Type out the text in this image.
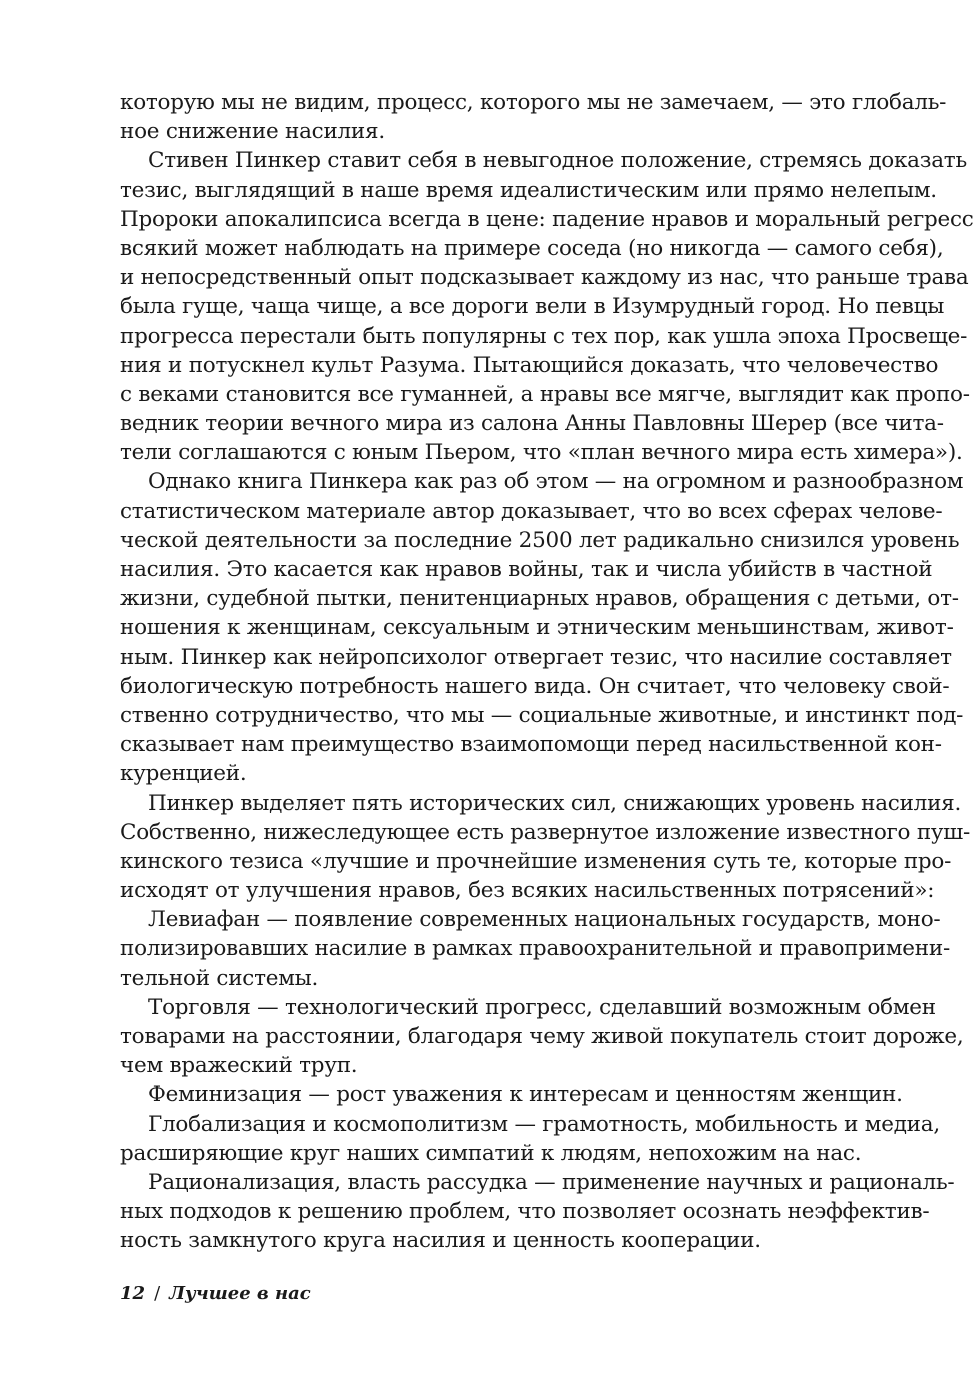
которую мы не видим, процесс, которого мы не замечаем, — это глобаль-
ное снижение насилия.
Стивен Пинкер ставит себя в невыгодное положение, стремясь доказать
тезис, выглядящий в наше время идеалистическим или прямо нелепым.
Пророки апокалипсиса всегда в цене: падение нравов и моральный регресс
всякий может наблюдать на примере соседа (но никогда — самого себя),
и непосредственный опыт подсказывает каждому из нас, что раньше трава
была гуще, чаща чище, а все дороги вели в Изумрудный город. Но певцы
прогресса перестали быть популярны с тех пор, как ушла эпоха Просвеще-
ния и потускнел культ Разума. Пытающийся доказать, что человечество
с веками становится все гуманней, а нравы все мягче, выглядит как пропо-
ведник теории вечного мира из салона Анны Павловны Шерер (все чита-
тели соглашаются с юным Пьером, что «план вечного мира есть химера»).
Однако книга Пинкера как раз об этом — на огромном и разнообразном
статистическом материале автор доказывает, что во всех сферах челове-
ческой деятельности за последние 2500 лет радикально снизился уровень
насилия. Это касается как нравов войны, так и числа убийств в частной
жизни, судебной пытки, пенитенциарных нравов, обращения с детьми, от-
ношения к женщинам, сексуальным и этническим меньшинствам, живот-
ным. Пинкер как нейропсихолог отвергает тезис, что насилие составляет
биологическую потребность нашего вида. Он считает, что человеку свой-
ственно сотрудничество, что мы — социальные животные, и инстинкт под-
сказывает нам преимущество взаимопомощи перед насильственной кон-
куренцией.
Пинкер выделяет пять исторических сил, снижающих уровень насилия.
Собственно, нижеследующее есть развернутое изложение известного пуш-
кинского тезиса «лучшие и прочнейшие изменения суть те, которые про-
исходят от улучшения нравов, без всяких насильственных потрясений»:
Левиафан — появление современных национальных государств, моно-
полизировавших насилие в рамках правоохранительной и правопримени-
тельной системы.
Торговля — технологический прогресс, сделавший возможным обмен
товарами на расстоянии, благодаря чему живой покупатель стоит дороже,
чем вражеский труп.
Феминизация — рост уважения к интересам и ценностям женщин.
Глобализация и космополитизм — грамотность, мобильность и медиа,
расширяющие круг наших симпатий к людям, непохожим на нас.
Рационализация, власть рассудка — применение научных и рациональ-
ных подходов к решению проблем, что позволяет осознать неэффектив-
ность замкнутого круга насилия и ценность кооперации.
12 / Лучшее в нас
